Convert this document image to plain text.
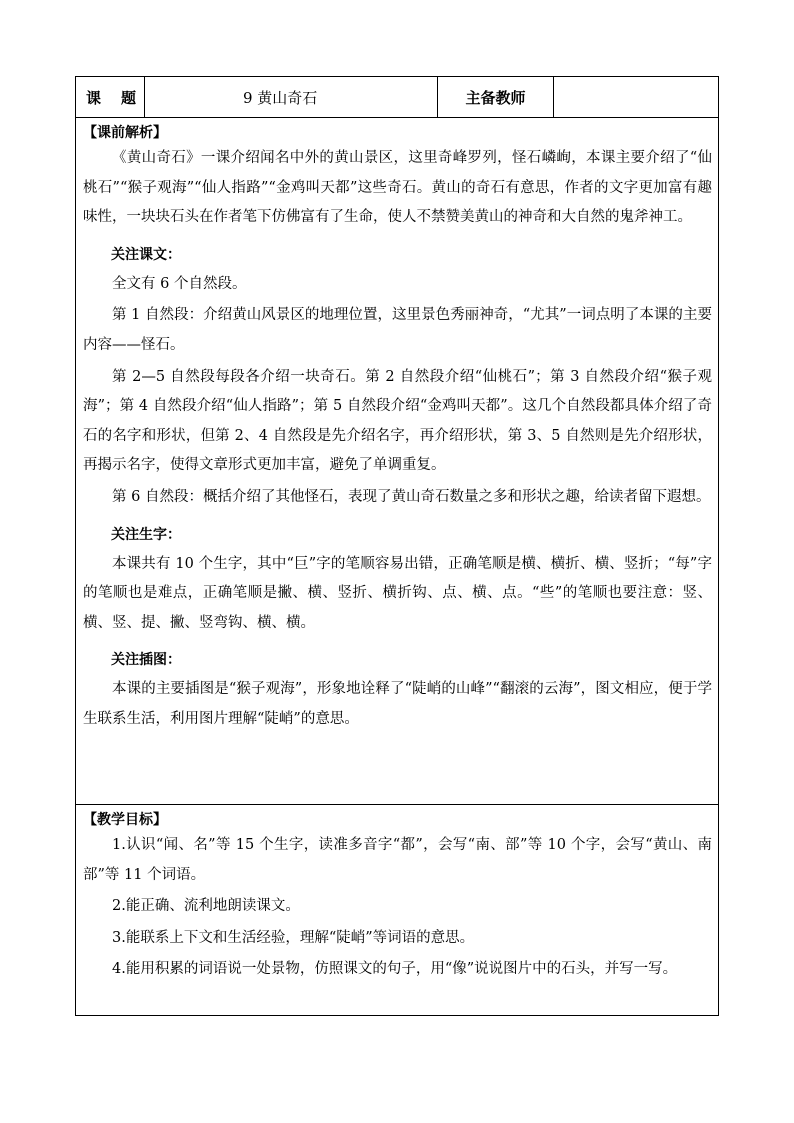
课 题	9 黄山奇石	主备教师	

【课前解析】

《黄山奇石》一课介绍闻名中外的黄山景区，这里奇峰罗列，怪石嶙峋，本课主要介绍了“仙桃石”“猴子观海”“仙人指路”“金鸡叫天都”这些奇石。黄山的奇石有意思，作者的文字更加富有趣味性，一块块石头在作者笔下仿佛富有了生命，使人不禁赞美黄山的神奇和大自然的鬼斧神工。

关注课文：

全文有 6 个自然段。

第 1 自然段：介绍黄山风景区的地理位置，这里景色秀丽神奇，“尤其”一词点明了本课的主要内容——怪石。

第 2—5 自然段每段各介绍一块奇石。第 2 自然段介绍“仙桃石”；第 3 自然段介绍“猴子观海”；第 4 自然段介绍“仙人指路”；第 5 自然段介绍“金鸡叫天都”。这几个自然段都具体介绍了奇石的名字和形状，但第 2、4 自然段是先介绍名字，再介绍形状，第 3、5 自然则是先介绍形状，再揭示名字，使得文章形式更加丰富，避免了单调重复。

第 6 自然段：概括介绍了其他怪石，表现了黄山奇石数量之多和形状之趣，给读者留下遐想。

关注生字：

本课共有 10 个生字，其中“巨”字的笔顺容易出错，正确笔顺是横、横折、横、竖折；“每”字的笔顺也是难点，正确笔顺是撇、横、竖折、横折钩、点、横、点。“些”的笔顺也要注意：竖、横、竖、提、撇、竖弯钩、横、横。

关注插图：

本课的主要插图是“猴子观海”，形象地诠释了“陡峭的山峰”“翻滚的云海”，图文相应，便于学生联系生活，利用图片理解“陡峭”的意思。

【教学目标】

1.认识“闻、名”等 15 个生字，读准多音字“都”，会写“南、部”等 10 个字，会写“黄山、南部”等 11 个词语。

2.能正确、流利地朗读课文。

3.能联系上下文和生活经验，理解“陡峭”等词语的意思。

4.能用积累的词语说一处景物，仿照课文的句子，用“像”说说图片中的石头，并写一写。
